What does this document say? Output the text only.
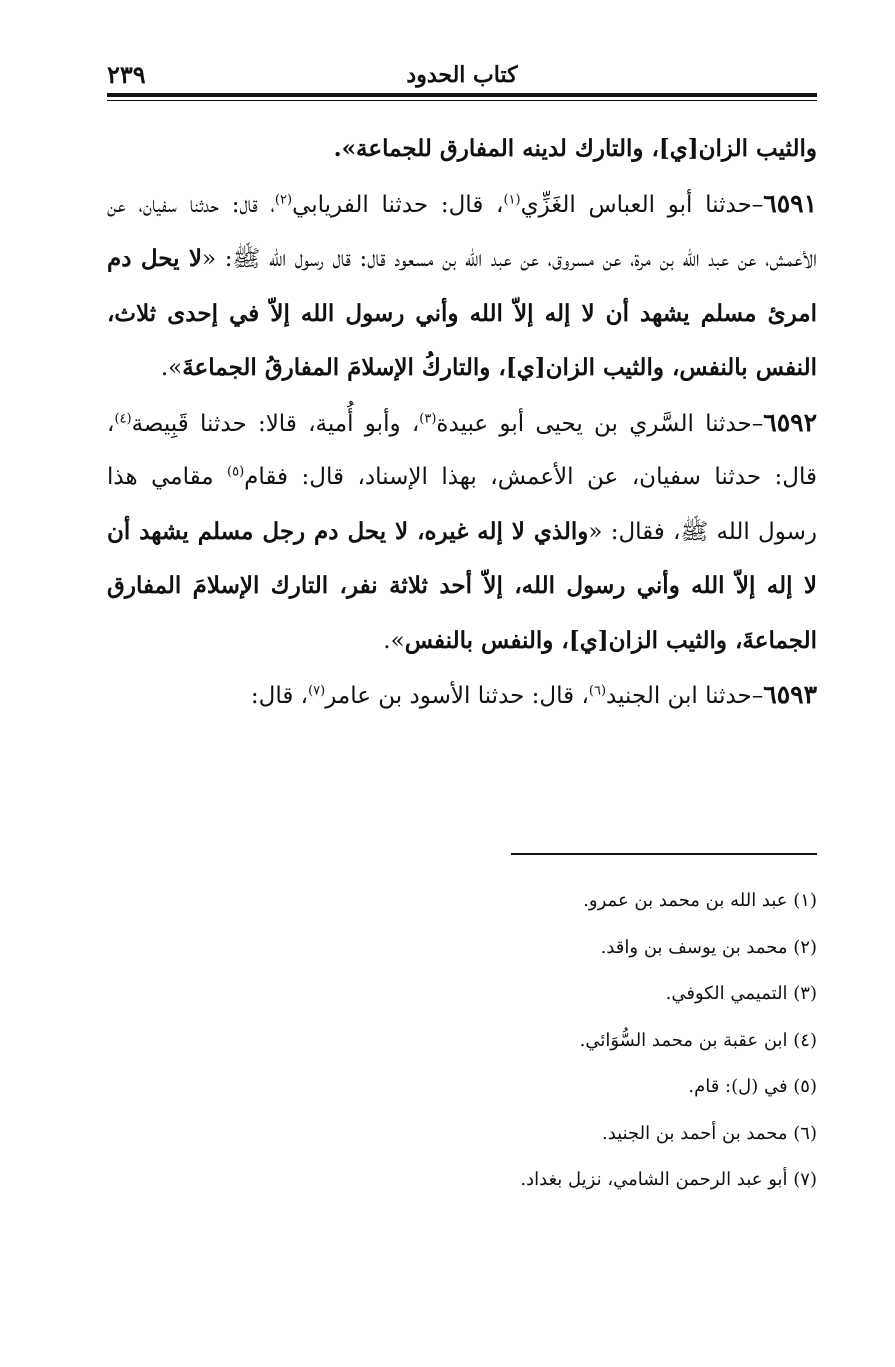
كتاب الحدود
٢٣٩

والثيب الزان[ي]، والتارك لدينه المفارق للجماعة».

٦٥٩١–حدثنا أبو العباس الغَزِّي$^{(١)}$، قال: حدثنا الفريابي$^{(٢)}$، قال: حدثنا سفيان، عن الأعمش، عن عبد الله بن مرة، عن مسروق، عن عبد الله بن مسعود قال: قال رسول الله ﷺ: «لا يحل دم امرئ مسلم يشهد أن لا إله إلاّ الله وأني رسول الله إلاّ في إحدى ثلاث، النفس بالنفس، والثيب الزان[ي]، والتاركُ الإسلامَ المفارقُ الجماعةَ».

٦٥٩٢–حدثنا السَّري بن يحيى أبو عبيدة$^{(٣)}$، وأبو أُمية، قالا: حدثنا قَبِيصة$^{(٤)}$، قال: حدثنا سفيان، عن الأعمش، بهذا الإسناد، قال: فقام$^{(٥)}$ مقامي هذا رسول الله ﷺ، فقال: «والذي لا إله غيره، لا يحل دم رجل مسلم يشهد أن لا إله إلاّ الله وأني رسول الله، إلاّ أحد ثلاثة نفر، التارك الإسلامَ المفارق الجماعةَ، والثيب الزان[ي]، والنفس بالنفس».

٦٥٩٣–حدثنا ابن الجنيد$^{(٦)}$، قال: حدثنا الأسود بن عامر$^{(٧)}$، قال:

(١) عبد الله بن محمد بن عمرو.

(٢) محمد بن يوسف بن واقد.

(٣) التميمي الكوفي.

(٤) ابن عقبة بن محمد السُّوَائي.

(٥) في (ل): قام.

(٦) محمد بن أحمد بن الجنيد.

(٧) أبو عبد الرحمن الشامي، نزيل بغداد.
